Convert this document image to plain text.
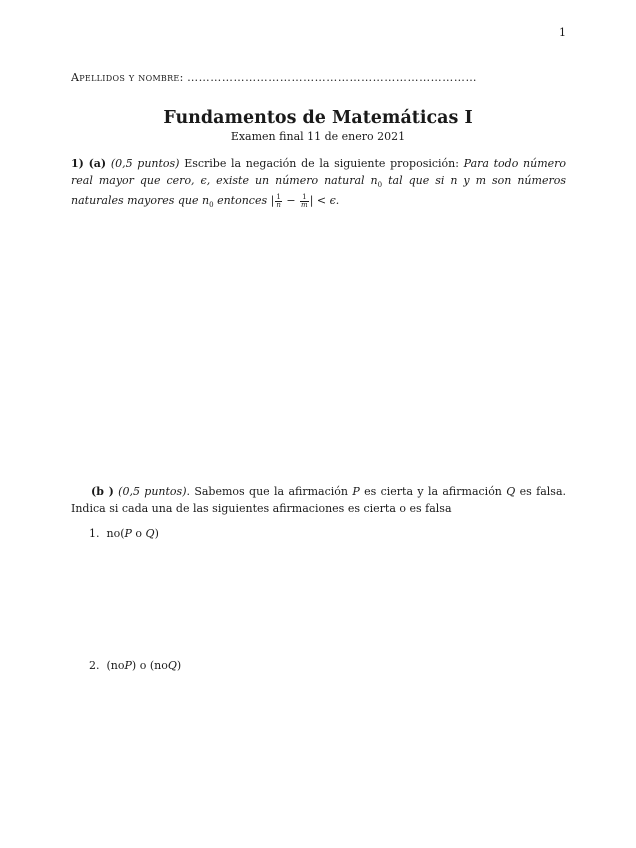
1
Apellidos y nombre: …………………………………………………………………
Fundamentos de Matemáticas I
Examen final 11 de enero 2021
1) (a) (0,5 puntos) Escribe la negación de la siguiente proposición: Para todo número real mayor que cero, ϵ, existe un número natural $n_0$ tal que si n y m son números naturales mayores que $n_0$ entonces | $\frac{1}{n} - \frac{1}{m}$ | < ϵ.
(b ) (0,5 puntos). Sabemos que la afirmación P es cierta y la afirmación Q es falsa. Indica si cada una de las siguientes afirmaciones es cierta o es falsa
1. no(P o Q)
2. (noP) o (noQ)
